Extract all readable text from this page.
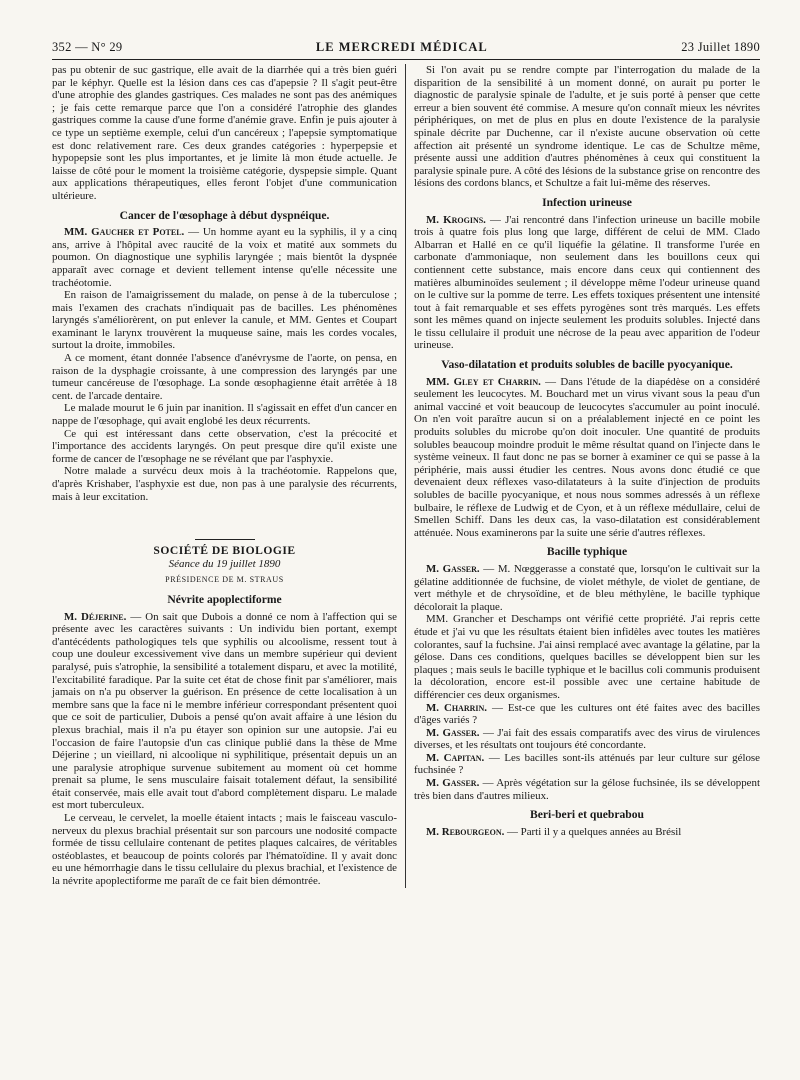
352 — N° 29	LE MERCREDI MÉDICAL	23 Juillet 1890

pas pu obtenir de suc gastrique, elle avait de la diarrhée qui a très bien guéri par le képhyr. Quelle est la lésion dans ces cas d'apepsie ? Il s'agit peut-être d'une atrophie des glandes gastriques. Ces malades ne sont pas des anémiques ; je fais cette remarque parce que l'on a considéré l'atrophie des glandes gastriques comme la cause d'une forme d'anémie grave. Enfin je puis ajouter à ce type un septième exemple, celui d'un cancéreux ; l'apepsie symptomatique est donc relativement rare. Ces deux grandes catégories : hyperpepsie et hypopepsie sont les plus importantes, et je limite là mon étude actuelle. Je laisse de côté pour le moment la troisième catégorie, dyspepsie simple. Quant aux applications thérapeutiques, elles feront l'objet d'une communication ultérieure.

Cancer de l'œsophage à début dyspnéique.

MM. Gaucher et Potel. — Un homme ayant eu la syphilis, il y a cinq ans, arrive à l'hôpital avec raucité de la voix et matité aux sommets du poumon. On diagnostique une syphilis laryngée ; mais bientôt la dyspnée apparaît avec cornage et devient tellement intense qu'elle nécessite une trachéotomie.

En raison de l'amaigrissement du malade, on pense à de la tuberculose ; mais l'examen des crachats n'indiquait pas de bacilles. Les phénomènes laryngés s'améliorèrent, on put enlever la canule, et MM. Gentes et Coupart examinant le larynx trouvèrent la muqueuse saine, mais les cordes vocales, surtout la droite, immobiles.

A ce moment, étant donnée l'absence d'anévrysme de l'aorte, on pensa, en raison de la dysphagie croissante, à une compression des laryngés par une tumeur cancéreuse de l'œsophage. La sonde œsophagienne était arrêtée à 18 cent. de l'arcade dentaire.

Le malade mourut le 6 juin par inanition. Il s'agissait en effet d'un cancer en nappe de l'œsophage, qui avait englobé les deux récurrents.

Ce qui est intéressant dans cette observation, c'est la précocité et l'importance des accidents laryngés. On peut presque dire qu'il existe une forme de cancer de l'œsophage ne se révélant que par l'asphyxie.

Notre malade a survécu deux mois à la trachéotomie. Rappelons que, d'après Krishaber, l'asphyxie est due, non pas à une paralysie des récurrents, mais à leur excitation.

SOCIÉTÉ DE BIOLOGIE
Séance du 19 juillet 1890
PRÉSIDENCE DE M. STRAUS
Névrite apoplectiforme

M. Déjerine. — On sait que Dubois a donné ce nom à l'affection qui se présente avec les caractères suivants : Un individu bien portant, exempt d'antécédents pathologiques tels que syphilis ou alcoolisme, ressent tout à coup une douleur excessivement vive dans un membre supérieur qui devient paralysé, puis s'atrophie, la sensibilité a totalement disparu, et avec la motilité, l'excitabilité faradique. Par la suite cet état de chose finit par s'améliorer, mais jamais on n'a pu observer la guérison. En présence de cette localisation à un membre sans que la face ni le membre inférieur correspondant présentent quoi que ce soit de particulier, Dubois a pensé qu'on avait affaire à une lésion du plexus brachial, mais il n'a pu étayer son opinion sur une autopsie. J'ai eu l'occasion de faire l'autopsie d'un cas clinique publié dans la thèse de Mme Déjerine ; un vieillard, ni alcoolique ni syphilitique, présentait depuis un an une paralysie atrophique survenue subitement au moment où cet homme prenait sa plume, le sens musculaire faisait totalement défaut, la sensibilité était conservée, mais elle avait tout d'abord complètement disparu. Le malade est mort tuberculeux.

Le cerveau, le cervelet, la moelle étaient intacts ; mais le faisceau vasculo-nerveux du plexus brachial présentait sur son parcours une nodosité compacte formée de tissu cellulaire contenant de petites plaques calcaires, de véritables ostéoblastes, et beaucoup de points colorés par l'hématoïdine. Il y avait donc eu une hémorrhagie dans le tissu cellulaire du plexus brachial, et l'existence de la névrite apoplectiforme me paraît de ce fait bien démontrée.

Si l'on avait pu se rendre compte par l'interrogation du malade de la disparition de la sensibilité à un moment donné, on aurait pu porter le diagnostic de paralysie spinale de l'adulte, et je suis porté à penser que cette erreur a bien souvent été commise. A mesure qu'on connaît mieux les névrites périphériques, on met de plus en plus en doute l'existence de la paralysie spinale décrite par Duchenne, car il n'existe aucune observation où cette affection ait présenté un syndrome identique. Le cas de Schultze même, présente aussi une addition d'autres phénomènes à ceux qui constituent la paralysie spinale pure. A côté des lésions de la substance grise on rencontre des lésions des cordons blancs, et Schultze a fait lui-même des réserves.

Infection urineuse

M. Krogins. — J'ai rencontré dans l'infection urineuse un bacille mobile trois à quatre fois plus long que large, différent de celui de MM. Clado Albarran et Hallé en ce qu'il liquéfie la gélatine. Il transforme l'urée en carbonate d'ammoniaque, non seulement dans les bouillons ceux qui contiennent cette substance, mais encore dans ceux qui contiennent des matières albuminoïdes seulement ; il développe même l'odeur urineuse quand on le cultive sur la pomme de terre. Les effets toxiques présentent une intensité tout à fait remarquable et ses effets pyrogènes sont très marqués. Les effets sont les mêmes quand on injecte seulement les produits solubles. Injecté dans le tissu cellulaire il produit une nécrose de la peau avec apparition de l'odeur urineuse.

Vaso-dilatation et produits solubles de bacille pyocyanique.

MM. Gley et Charrin. — Dans l'étude de la diapédèse on a considéré seulement les leucocytes. M. Bouchard met un virus vivant sous la peau d'un animal vacciné et voit beaucoup de leucocytes s'accumuler au point inoculé. On n'en voit paraître aucun si on a préalablement injecté en ce point les produits solubles du microbe qu'on doit inoculer. Une quantité de produits solubles beaucoup moindre produit le même résultat quand on l'injecte dans le système veineux. Il faut donc ne pas se borner à examiner ce qui se passe à la périphérie, mais aussi étudier les centres. Nous avons donc étudié ce que devenaient deux réflexes vaso-dilatateurs à la suite d'injection de produits solubles de bacille pyocyanique, et nous nous sommes adressés à un réflexe bulbaire, le réflexe de Ludwig et de Cyon, et à un réflexe médullaire, celui de Smellen Schiff. Dans les deux cas, la vaso-dilatation est considérablement atténuée. Nous examinerons par la suite une série d'autres réflexes.

Bacille typhique

M. Gasser. — M. Nœggerasse a constaté que, lorsqu'on le cultivait sur la gélatine additionnée de fuchsine, de violet méthyle, de violet de gentiane, de vert méthyle et de chrysoïdine, et de bleu méthylène, le bacille typhique décolorait la plaque.

MM. Grancher et Deschamps ont vérifié cette propriété. J'ai repris cette étude et j'ai vu que les résultats étaient bien infidèles avec toutes les matières colorantes, sauf la fuchsine. J'ai ainsi remplacé avec avantage la gélatine, par la gélose. Dans ces conditions, quelques bacilles se développent bien sur les plaques ; mais seuls le bacille typhique et le bacillus coli communis produisent la décoloration, encore est-il possible avec une certaine habitude de différencier ces deux organismes.

M. Charrin. — Est-ce que les cultures ont été faites avec des bacilles d'âges variés ?

M. Gasser. — J'ai fait des essais comparatifs avec des virus de virulences diverses, et les résultats ont toujours été concordante.

M. Capitan. — Les bacilles sont-ils atténués par leur culture sur gélose fuchsinée ?

M. Gasser. — Après végétation sur la gélose fuchsinée, ils se développent très bien dans d'autres milieux.

Beri-beri et quebrabou

M. Rebourgeon. — Parti il y a quelques années au Brésil
